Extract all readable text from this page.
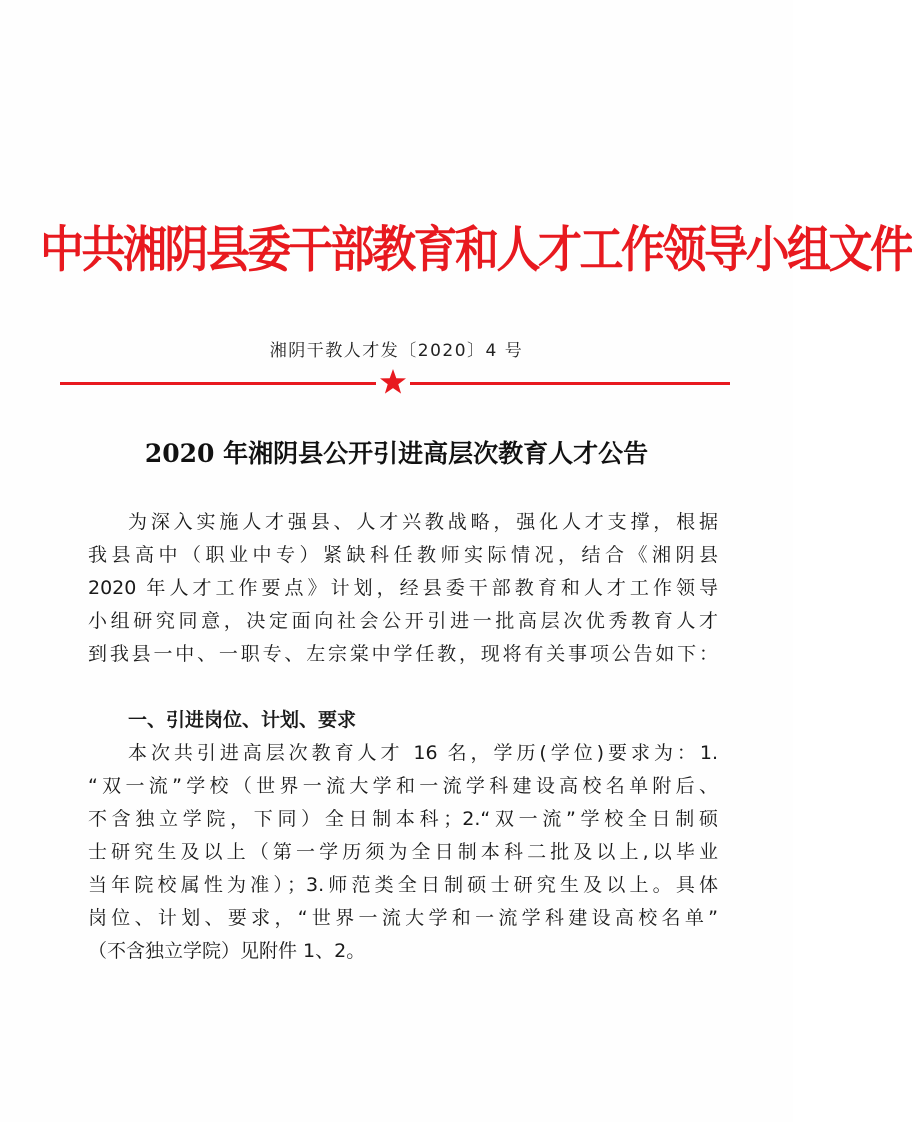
中共湘阴县委干部教育和人才工作领导小组文件
湘阴干教人才发〔2020〕4 号
2020 年湘阴县公开引进高层次教育人才公告
为深入实施人才强县、人才兴教战略，强化人才支撑，根据
我县高中（职业中专）紧缺科任教师实际情况，结合《湘阴县
2020 年人才工作要点》计划，经县委干部教育和人才工作领导
小组研究同意，决定面向社会公开引进一批高层次优秀教育人才
到我县一中、一职专、左宗棠中学任教，现将有关事项公告如下：
一、引进岗位、计划、要求
本次共引进高层次教育人才 16 名，学历(学位)要求为：1.
“双一流”学校（世界一流大学和一流学科建设高校名单附后、
不含独立学院，下同）全日制本科；2.“双一流”学校全日制硕
士研究生及以上（第一学历须为全日制本科二批及以上,以毕业
当年院校属性为准）；3.师范类全日制硕士研究生及以上。具体
岗位、计划、要求，“世界一流大学和一流学科建设高校名单”
（不含独立学院）见附件 1、2。
